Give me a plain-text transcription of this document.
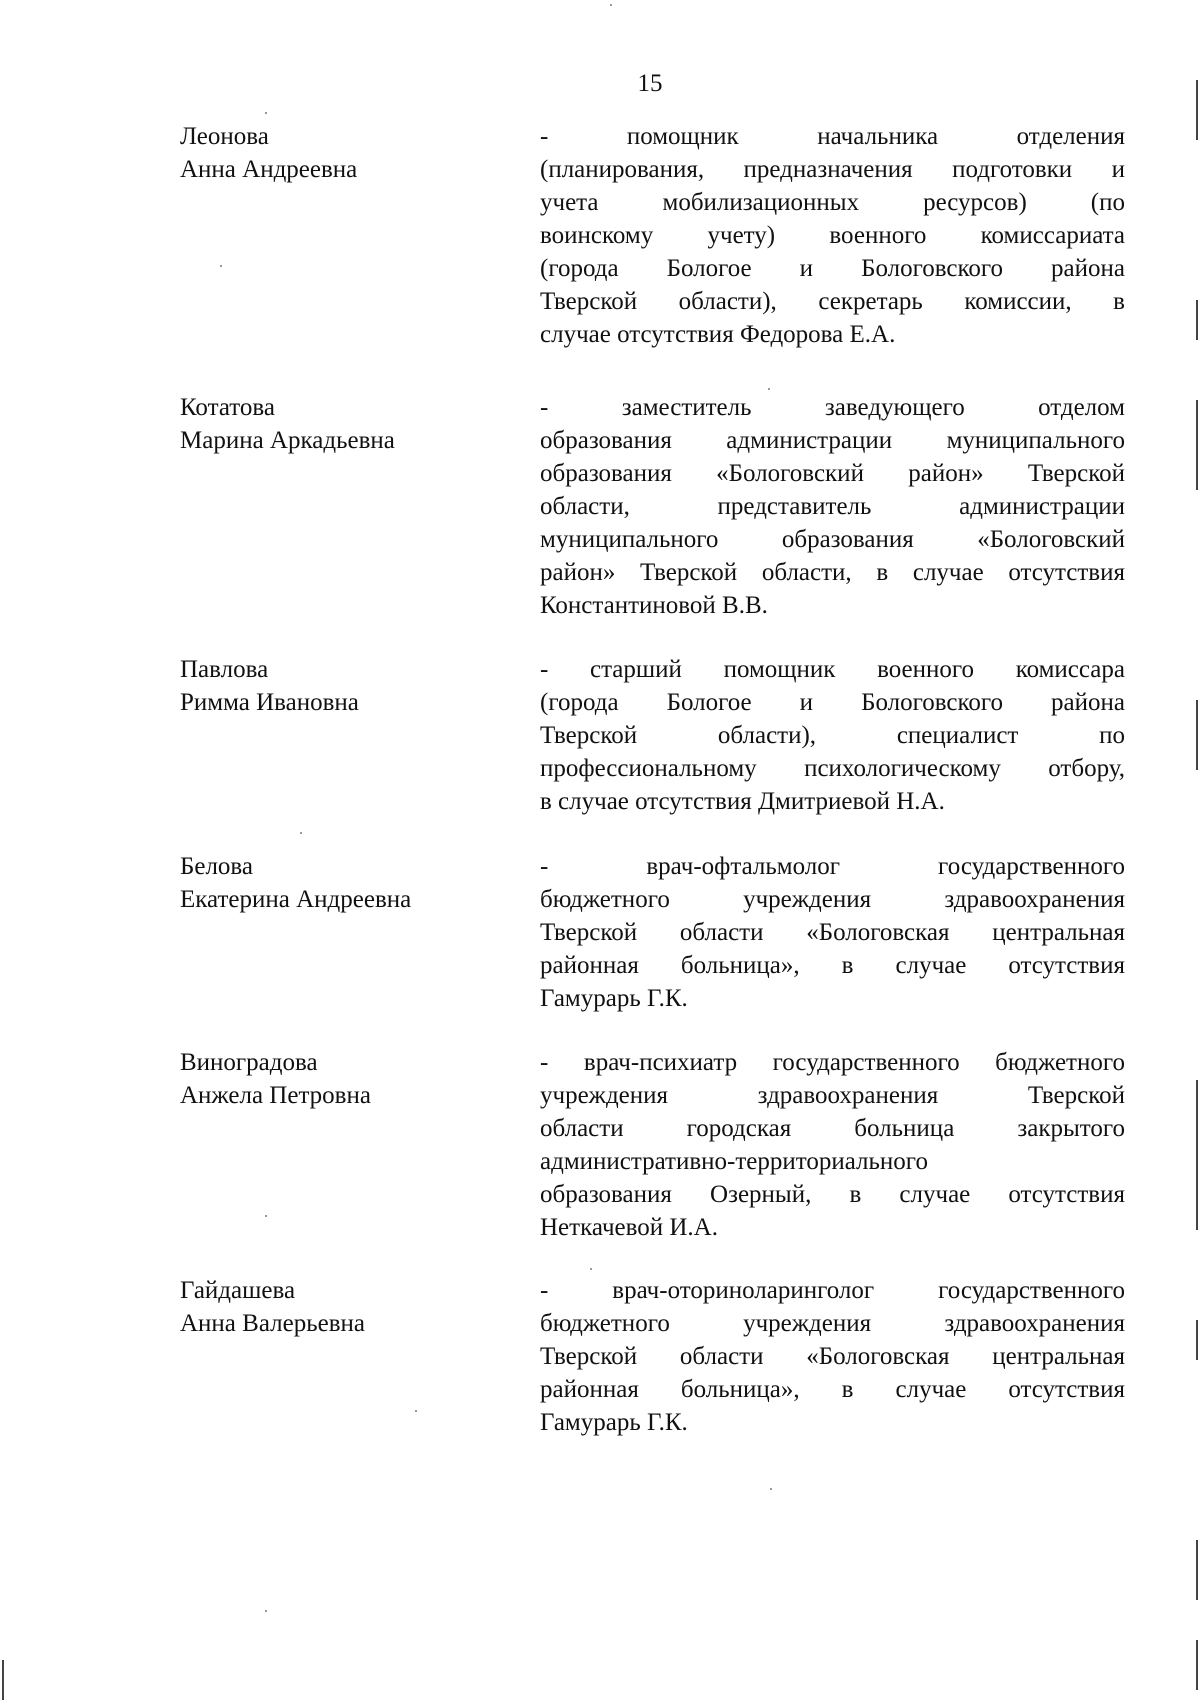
15
Леонова
Анна Андреевна
- помощник начальника отделения
(планирования, предназначения подготовки и
учета мобилизационных ресурсов) (по
воинскому учету) военного комиссариата
(города Бологое и Бологовского района
Тверской области), секретарь комиссии, в
случае отсутствия Федорова Е.А.
Котатова
Марина Аркадьевна
- заместитель заведующего отделом
образования администрации муниципального
образования «Бологовский район» Тверской
области, представитель администрации
муниципального образования «Бологовский
район» Тверской области, в случае отсутствия
Константиновой В.В.
Павлова
Римма Ивановна
- старший помощник военного комиссара
(города Бологое и Бологовского района
Тверской области), специалист по
профессиональному психологическому отбору,
в случае отсутствия Дмитриевой Н.А.
Белова
Екатерина Андреевна
- врач-офтальмолог государственного
бюджетного учреждения здравоохранения
Тверской области «Бологовская центральная
районная больница», в случае отсутствия
Гамурарь Г.К.
Виноградова
Анжела Петровна
- врач-психиатр государственного бюджетного
учреждения здравоохранения Тверской
области городская больница закрытого
административно-территориального
образования Озерный, в случае отсутствия
Неткачевой И.А.
Гайдашева
Анна Валерьевна
- врач-оториноларинголог государственного
бюджетного учреждения здравоохранения
Тверской области «Бологовская центральная
районная больница», в случае отсутствия
Гамурарь Г.К.
